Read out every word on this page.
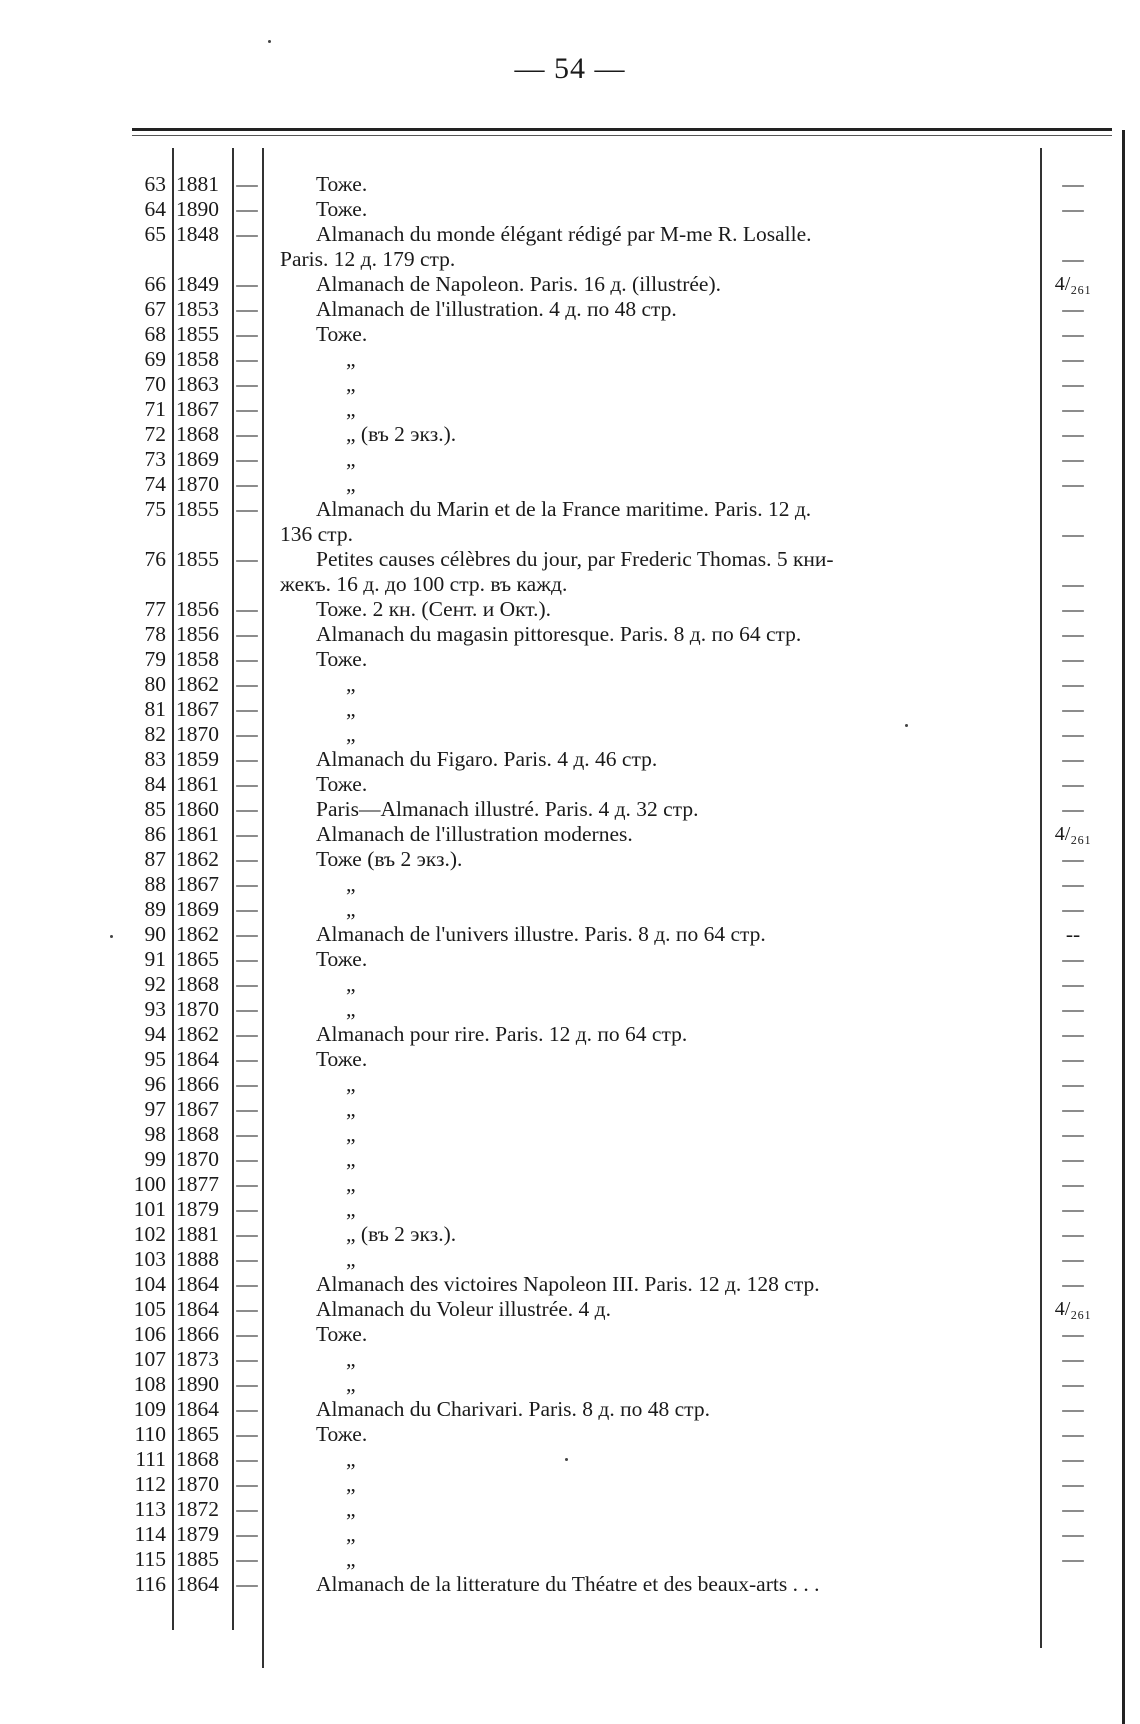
— 54 —
63 1881 —	Тоже.	—
64 1890 —	Тоже.	—
65 1848 —	Almanach du monde élégant rédigé par M-me R. Losalle.
Paris. 12 д. 179 стр.	—
66 1849 —	Almanach de Napoleon. Paris. 16 д. (illustrée).	4/₂₆₁
67 1853 —	Almanach de l'illustration. 4 д. по 48 стр.	—
68 1855 —	Тоже.	—
69 1858 —	„	—
70 1863 —	„	—
71 1867 —	„	—
72 1868 —	„ (въ 2 экз.).	—
73 1869 —	„	—
74 1870 —	„	—
75 1855 —	Almanach du Marin et de la France maritime. Paris. 12 д.
136 стр.	—
76 1855 —	Petites causes célèbres du jour, par Frederic Thomas. 5 кни-
жекъ. 16 д. до 100 стр. въ кажд.	—
77 1856 —	Тоже. 2 кн. (Сент. и Окт.).	—
78 1856 —	Almanach du magasin pittoresque. Paris. 8 д. по 64 стр.	—
79 1858 —	Тоже.	—
80 1862 —	„	—
81 1867 —	„	—
82 1870 —	„	—
83 1859 —	Almanach du Figaro. Paris. 4 д. 46 стр.	—
84 1861 —	Тоже.	—
85 1860 —	Paris—Almanach illustré. Paris. 4 д. 32 стр.	—
86 1861 —	Almanach de l'illustration modernes.	4/₂₆₁
87 1862 —	Тоже (въ 2 экз.).	—
88 1867 —	„	—
89 1869 —	„	—
90 1862 —	Almanach de l'univers illustre. Paris. 8 д. по 64 стр.	--
91 1865 —	Тоже.	—
92 1868 —	„	—
93 1870 —	„	—
94 1862 —	Almanach pour rire. Paris. 12 д. по 64 стр.	—
95 1864 —	Тоже.	—
96 1866 —	„	—
97 1867 —	„	—
98 1868 —	„	—
99 1870 —	„	—
100 1877 —	„	—
101 1879 —	„	—
102 1881 —	„ (въ 2 экз.).	—
103 1888 —	„	—
104 1864 —	Almanach des victoires Napoleon III. Paris. 12 д. 128 стр.	—
105 1864 —	Almanach du Voleur illustrée. 4 д.	4/₂₆₁
106 1866 —	Тоже.	—
107 1873 —	„	—
108 1890 —	„	—
109 1864 —	Almanach du Charivari. Paris. 8 д. по 48 стр.	—
110 1865 —	Тоже.	—
111 1868 —	„	—
112 1870 —	„	—
113 1872 —	„	—
114 1879 —	„	—
115 1885 —	„	—
116 1864 —	Almanach de la litterature du Théatre et des beaux-arts . . .
